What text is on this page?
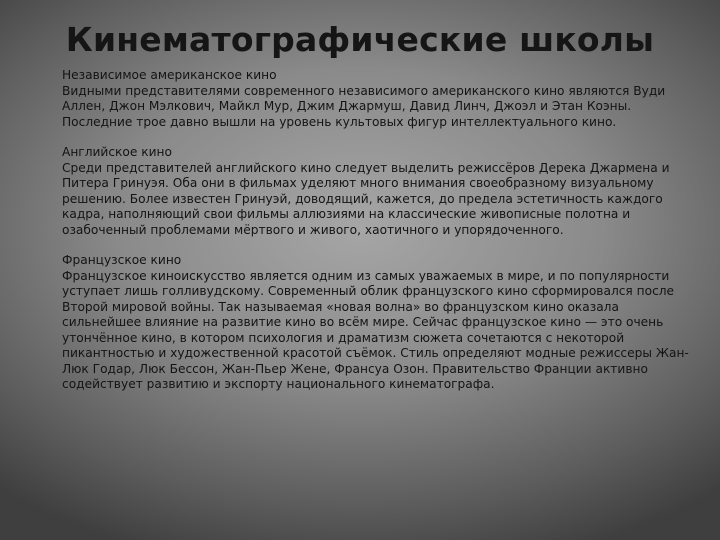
Кинематографические школы
Независимое американское кино

Видными представителями современного независимого американского кино являются Вуди Аллен, Джон Мэлкович, Майкл Мур, Джим Джармуш, Давид Линч, Джоэл и Этан Коэны. Последние трое давно вышли на уровень культовых фигур интеллектуального кино.

Английское кино

Среди представителей английского кино следует выделить режиссёров Дерека Джармена и Питера Гринуэя. Оба они в фильмах уделяют много внимания своеобразному визуальному решению. Более известен Гринуэй, доводящий, кажется, до предела эстетичность каждого кадра, наполняющий свои фильмы аллюзиями на классические живописные полотна и озабоченный проблемами мёртвого и живого, хаотичного и упорядоченного.

Французское кино

Французское киноискусство является одним из самых уважаемых в мире, и по популярности уступает лишь голливудскому. Современный облик французского кино сформировался после Второй мировой войны. Так называемая «новая волна» во французском кино оказала сильнейшее влияние на развитие кино во всём мире. Сейчас французское кино — это очень утончённое кино, в котором психология и драматизм сюжета сочетаются с некоторой пикантностью и художественной красотой съёмок. Стиль определяют модные режиссеры Жан-Люк Годар, Люк Бессон, Жан-Пьер Жене, Франсуа Озон. Правительство Франции активно содействует развитию и экспорту национального кинематографа.
